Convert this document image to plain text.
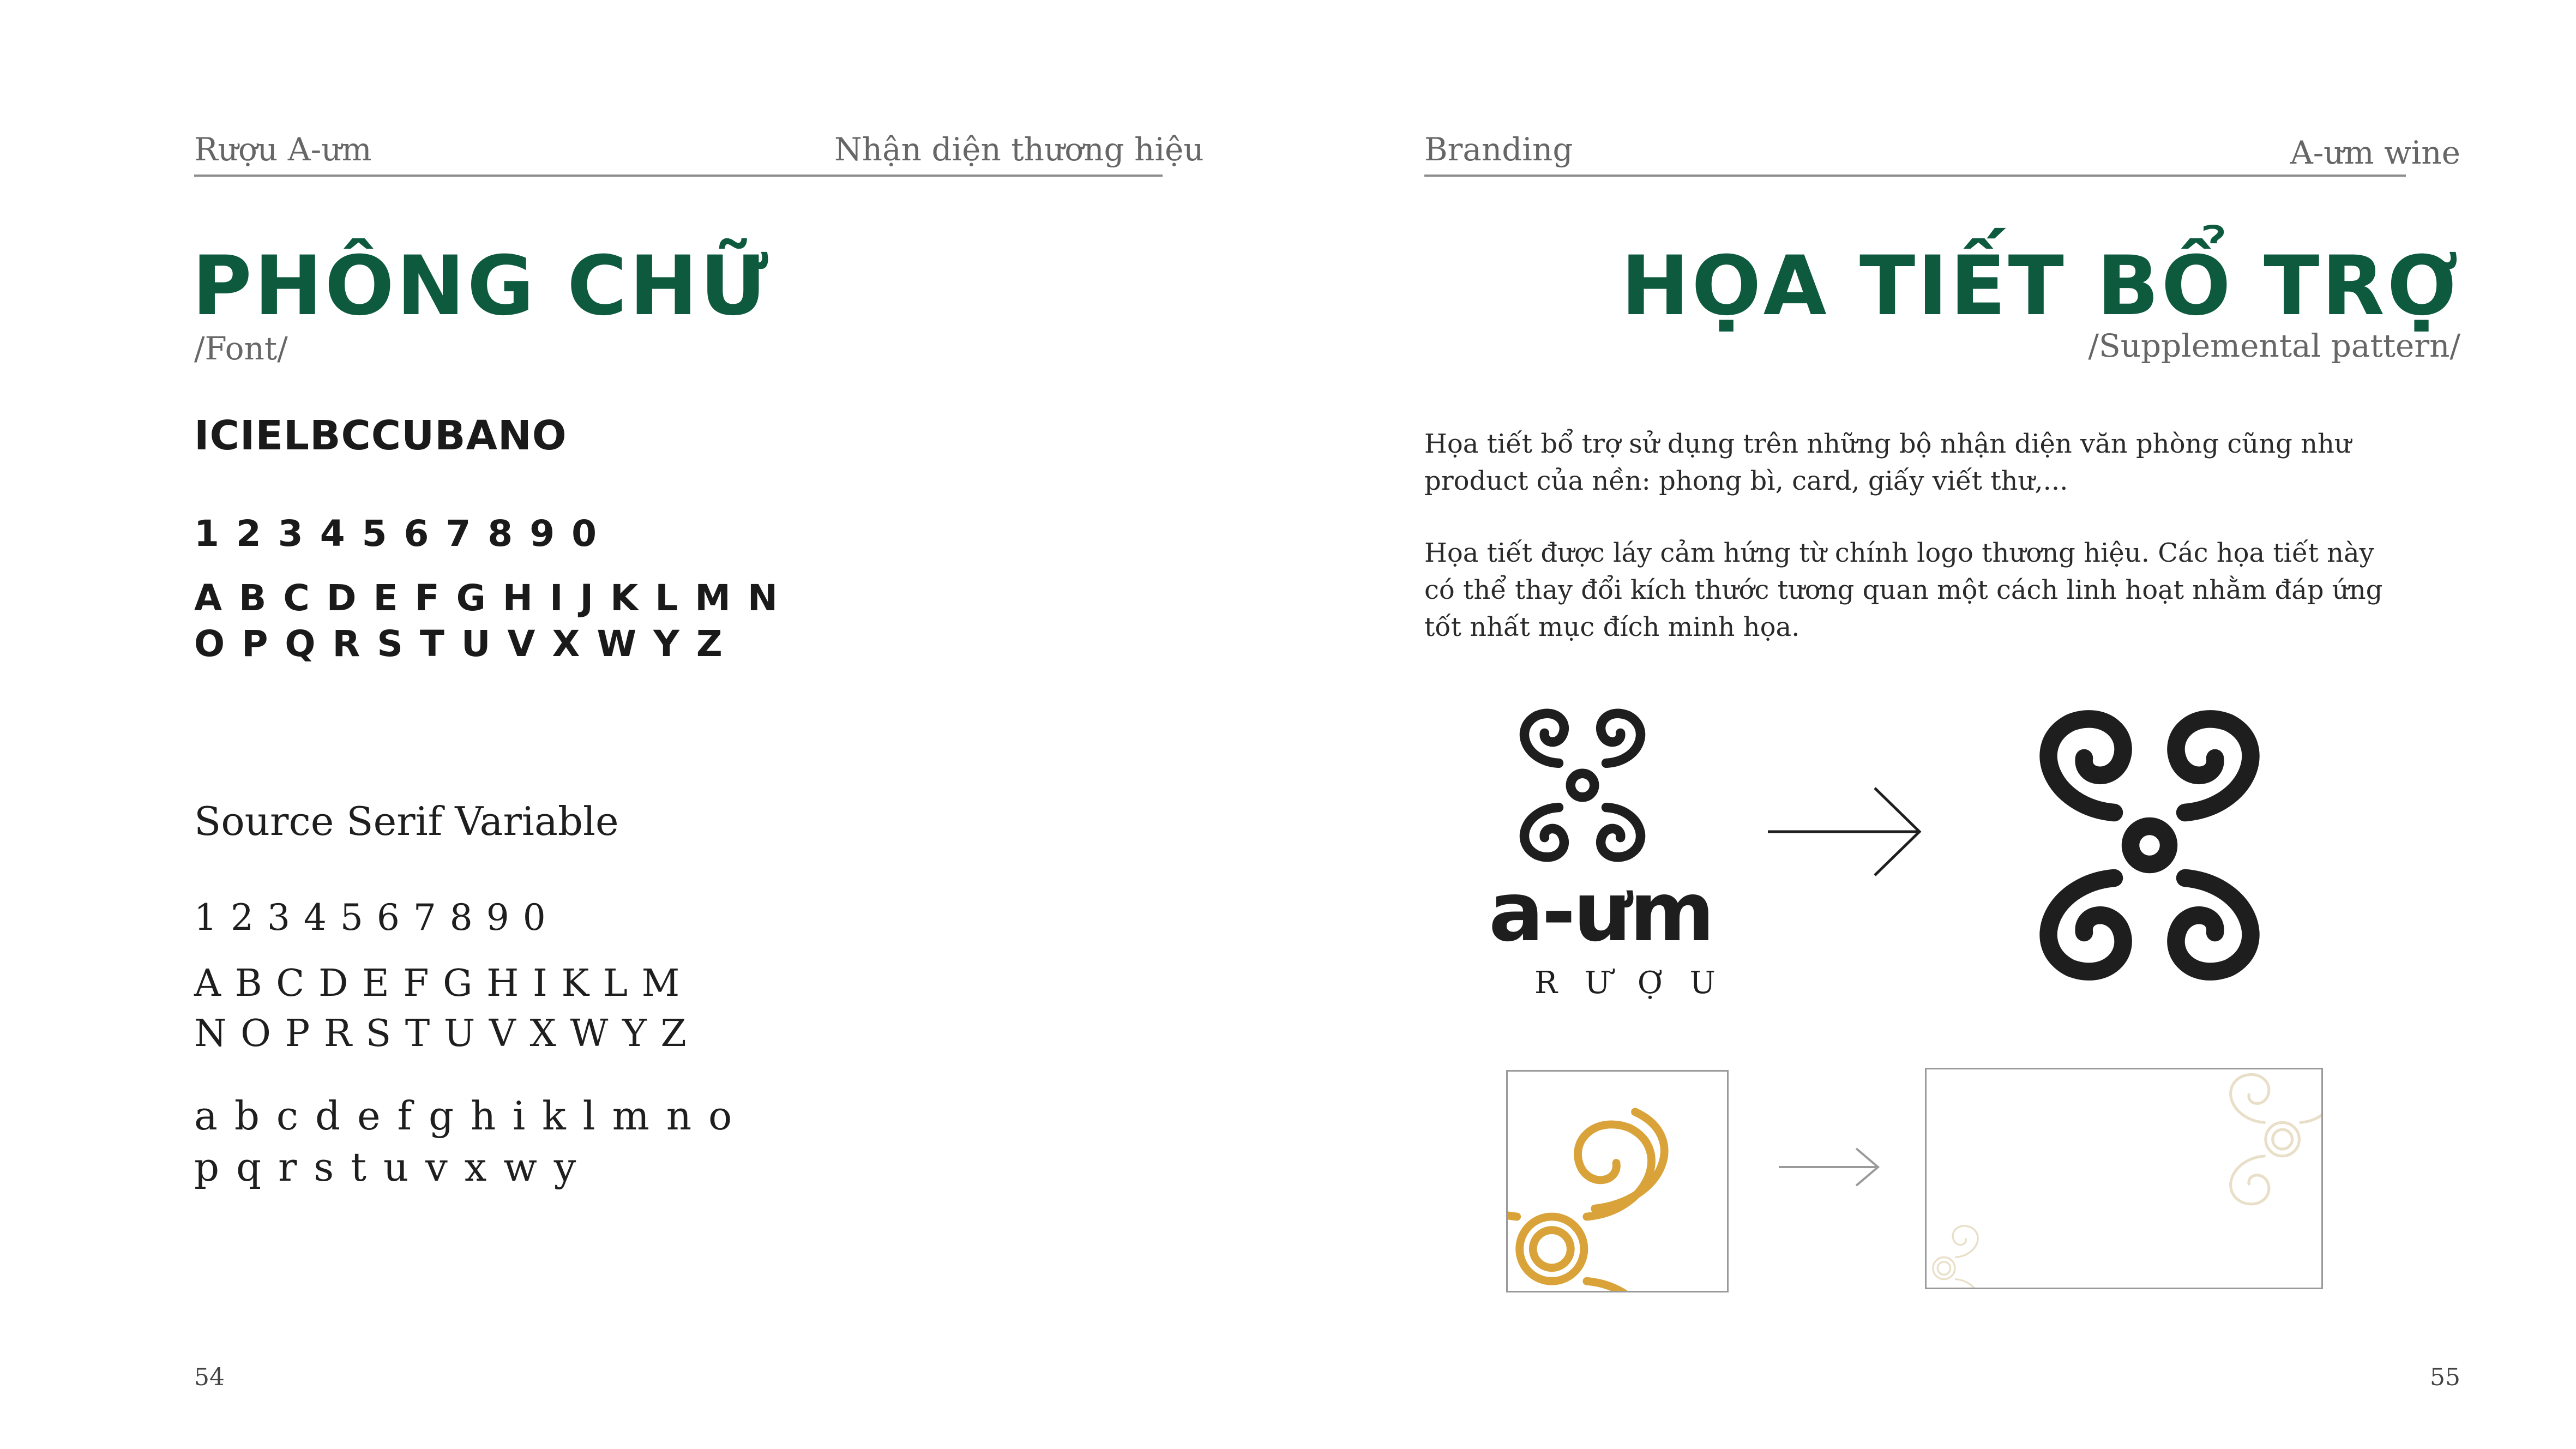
Rượu A-ưm	Nhận diện thương hiệu
PHÔNG CHỮ
/Font/
ICIELBCCUBANO
1 2 3 4 5 6 7 8 9 0
A B C D E F G H I J K L M N
O P Q R S T U V X W Y Z
Source Serif Variable
1 2 3 4 5 6 7 8 9 0
A B C D E F G H I K L M
N O P R S T U V X W Y Z
a b c d e f g h i k l m n o
p q r s t u v x w y
54
Branding	A-ưm wine
HỌA TIẾT BỔ TRỢ
/Supplemental pattern/
Họa tiết bổ trợ sử dụng trên những bộ nhận diện văn phòng cũng như product của nền: phong bì, card, giấy viết thư,...
Họa tiết được láy cảm hứng từ chính logo thương hiệu. Các họa tiết này có thể thay đổi kích thước tương quan một cách linh hoạt nhằm đáp ứng tốt nhất mục đích minh họa.
a-ưm
R Ư Ợ U
55
